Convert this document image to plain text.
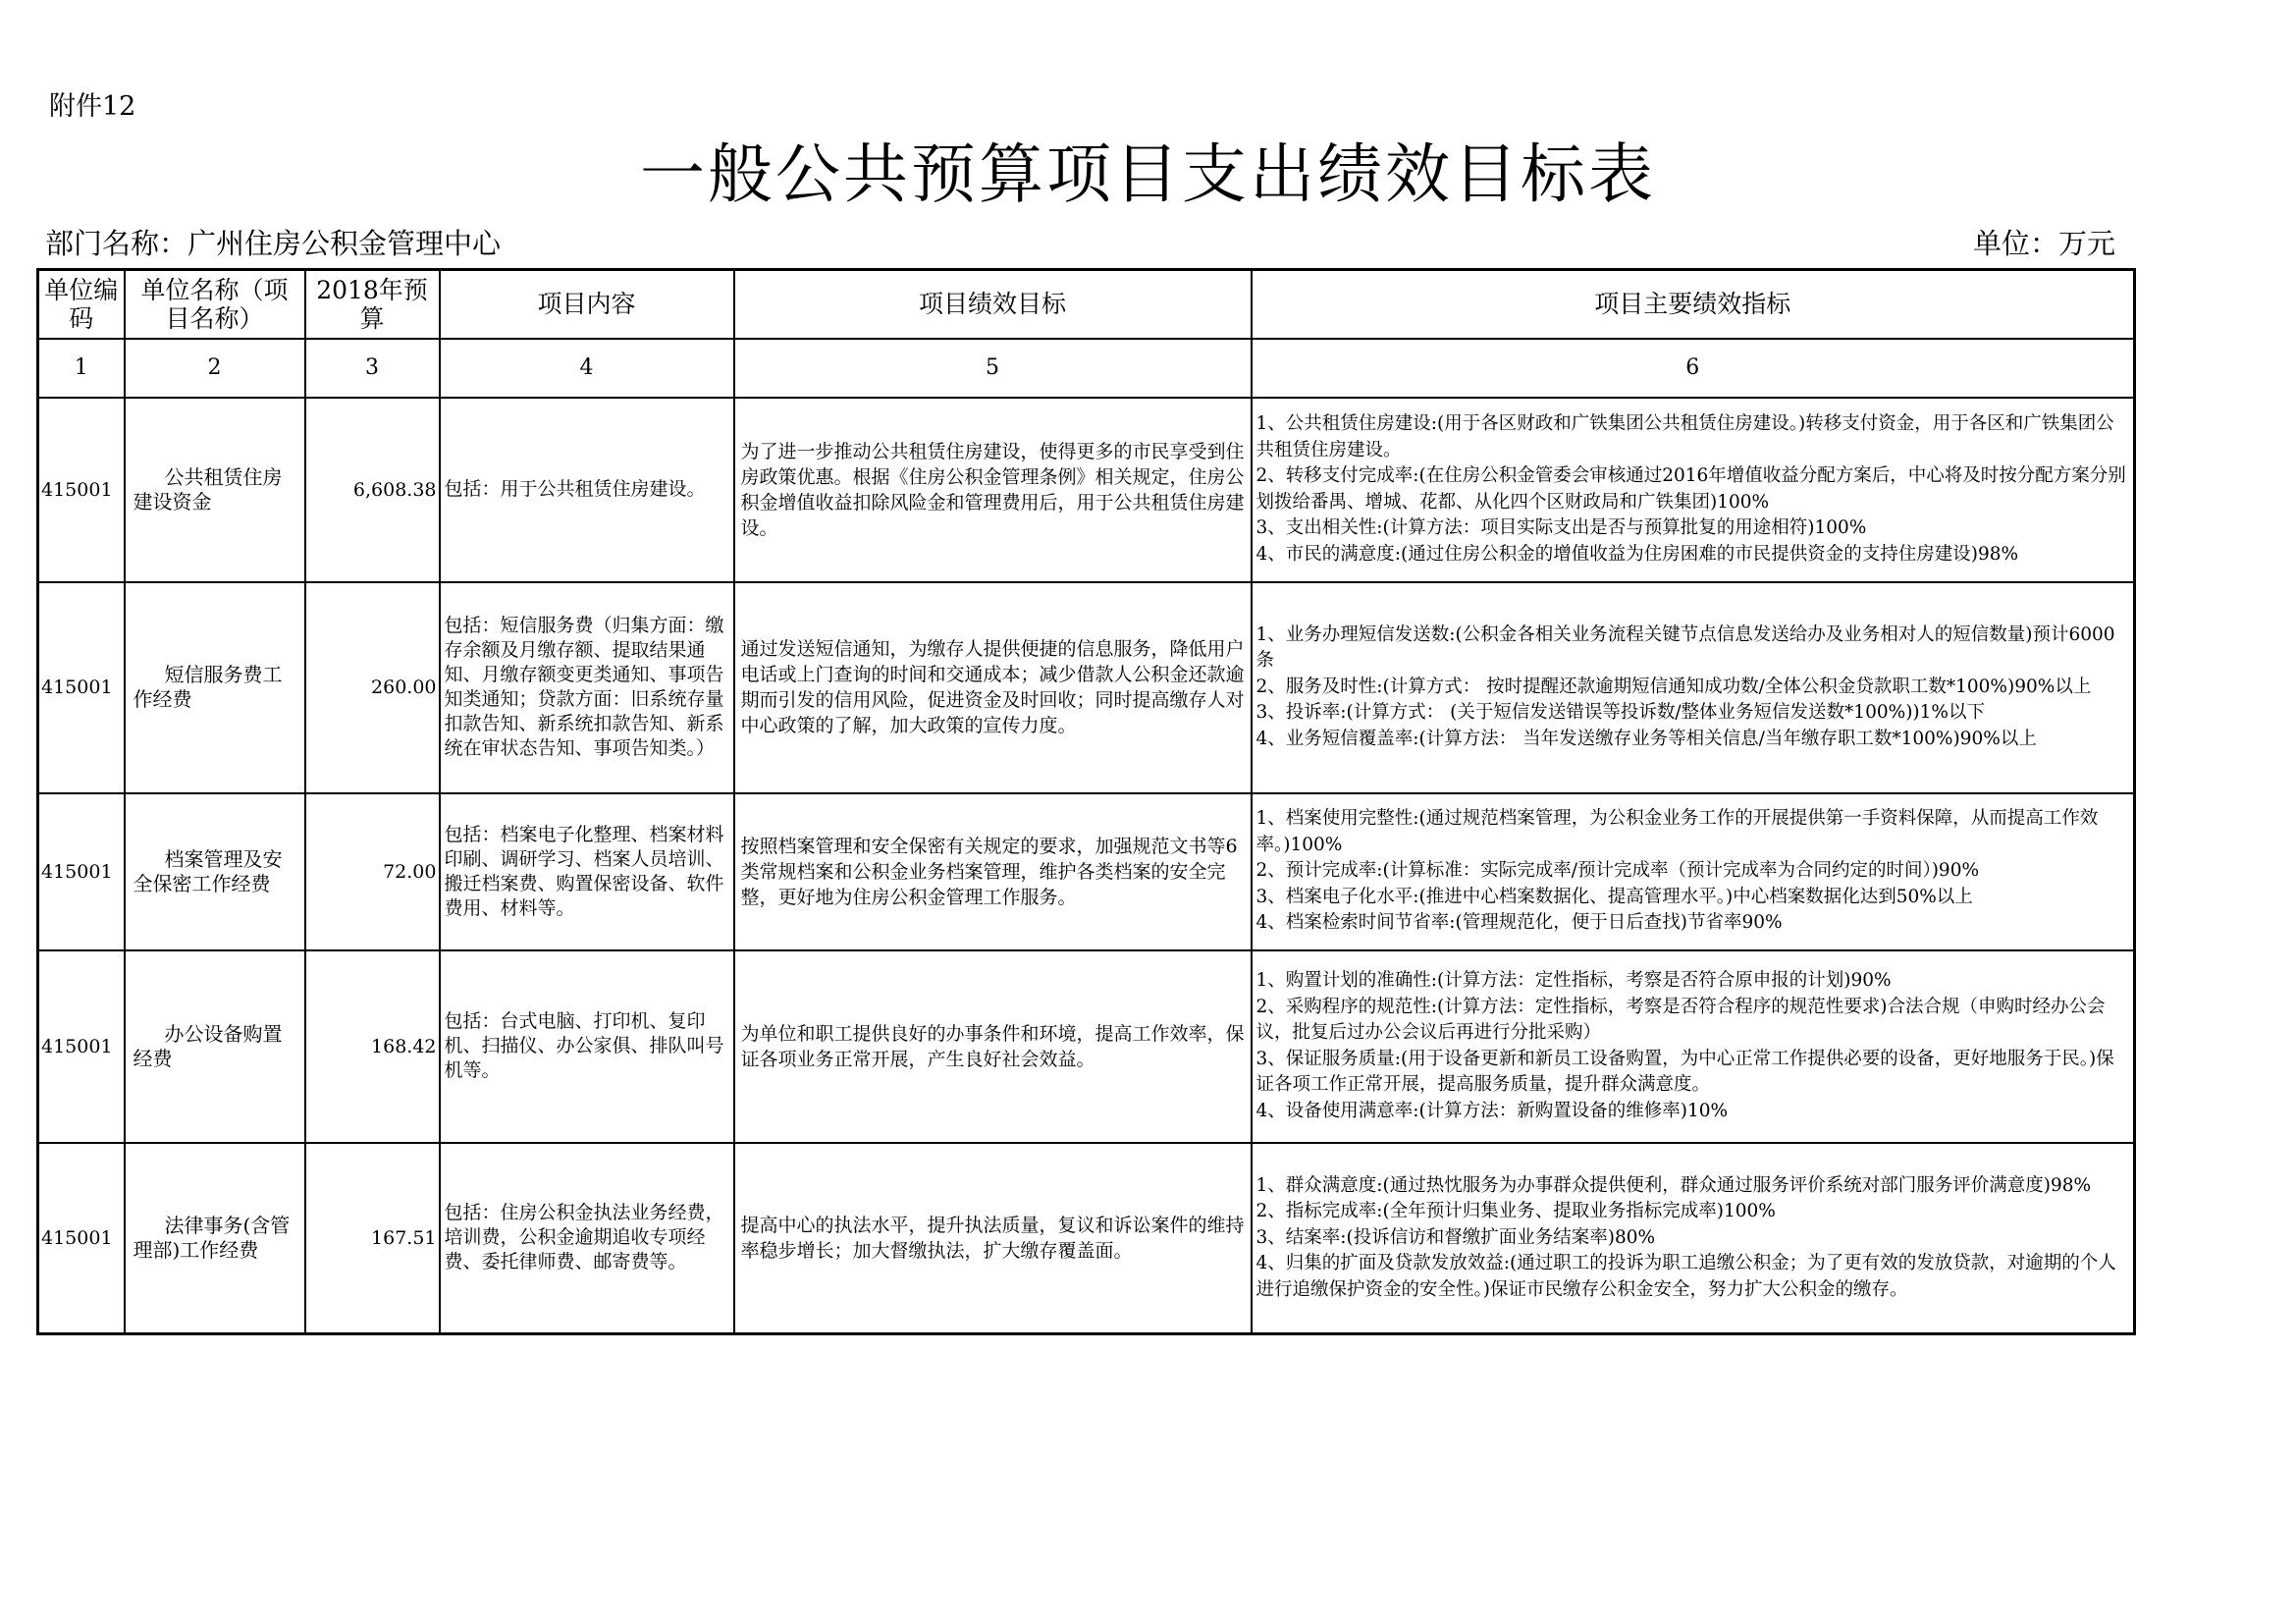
附件12
一般公共预算项目支出绩效目标表
部门名称：广州住房公积金管理中心	单位：万元
单位编码	单位名称（项目名称）	2018年预算	项目内容	项目绩效目标	项目主要绩效指标
1	2	3	4	5	6
415001	公共租赁住房建设资金	6,608.38	包括：用于公共租赁住房建设。	为了进一步推动公共租赁住房建设，使得更多的市民享受到住房政策优惠。根据《住房公积金管理条例》相关规定，住房公积金增值收益扣除风险金和管理费用后，用于公共租赁住房建设。	1、公共租赁住房建设:(用于各区财政和广铁集团公共租赁住房建设。)转移支付资金，用于各区和广铁集团公共租赁住房建设。
2、转移支付完成率:(在住房公积金管委会审核通过2016年增值收益分配方案后，中心将及时按分配方案分别划拨给番禺、增城、花都、从化四个区财政局和广铁集团)100%
3、支出相关性:(计算方法：项目实际支出是否与预算批复的用途相符)100%
4、市民的满意度:(通过住房公积金的增值收益为住房困难的市民提供资金的支持住房建设)98%

415001	短信服务费工作经费	260.00	包括：短信服务费（归集方面：缴存余额及月缴存额、提取结果通知、月缴存额变更类通知、事项告知类通知；贷款方面：旧系统存量扣款告知、新系统扣款告知、新系统在审状态告知、事项告知类。）	通过发送短信通知，为缴存人提供便捷的信息服务，降低用户电话或上门查询的时间和交通成本；减少借款人公积金还款逾期而引发的信用风险，促进资金及时回收；同时提高缴存人对中心政策的了解，加大政策的宣传力度。	1、业务办理短信发送数:(公积金各相关业务流程关键节点信息发送给办及业务相对人的短信数量)预计6000条
2、服务及时性:(计算方式： 按时提醒还款逾期短信通知成功数/全体公积金贷款职工数*100%)90%以上
3、投诉率:(计算方式： (关于短信发送错误等投诉数/整体业务短信发送数*100%))1%以下
4、业务短信覆盖率:(计算方法： 当年发送缴存业务等相关信息/当年缴存职工数*100%)90%以上

415001	档案管理及安全保密工作经费	72.00	包括：档案电子化整理、档案材料印刷、调研学习、档案人员培训、搬迁档案费、购置保密设备、软件费用、材料等。	按照档案管理和安全保密有关规定的要求，加强规范文书等6类常规档案和公积金业务档案管理，维护各类档案的安全完整，更好地为住房公积金管理工作服务。	1、档案使用完整性:(通过规范档案管理，为公积金业务工作的开展提供第一手资料保障，从而提高工作效率。)100%
2、预计完成率:(计算标准：实际完成率/预计完成率（预计完成率为合同约定的时间）)90%
3、档案电子化水平:(推进中心档案数据化、提高管理水平。)中心档案数据化达到50%以上
4、档案检索时间节省率:(管理规范化，便于日后查找)节省率90%

415001	办公设备购置经费	168.42	包括：台式电脑、打印机、复印机、扫描仪、办公家俱、排队叫号机等。	为单位和职工提供良好的办事条件和环境，提高工作效率，保证各项业务正常开展，产生良好社会效益。	1、购置计划的准确性:(计算方法：定性指标，考察是否符合原申报的计划)90%
2、采购程序的规范性:(计算方法：定性指标，考察是否符合程序的规范性要求)合法合规（申购时经办公会议，批复后过办公会议后再进行分批采购）
3、保证服务质量:(用于设备更新和新员工设备购置，为中心正常工作提供必要的设备，更好地服务于民。)保证各项工作正常开展，提高服务质量，提升群众满意度。
4、设备使用满意率:(计算方法：新购置设备的维修率)10%

415001	法律事务(含管理部)工作经费	167.51	包括：住房公积金执法业务经费，培训费，公积金逾期追收专项经费、委托律师费、邮寄费等。	提高中心的执法水平，提升执法质量，复议和诉讼案件的维持率稳步增长；加大督缴执法，扩大缴存覆盖面。	1、群众满意度:(通过热忱服务为办事群众提供便利，群众通过服务评价系统对部门服务评价满意度)98%
2、指标完成率:(全年预计归集业务、提取业务指标完成率)100%
3、结案率:(投诉信访和督缴扩面业务结案率)80%
4、归集的扩面及贷款发放效益:(通过职工的投诉为职工追缴公积金；为了更有效的发放贷款，对逾期的个人进行追缴保护资金的安全性。)保证市民缴存公积金安全，努力扩大公积金的缴存。
